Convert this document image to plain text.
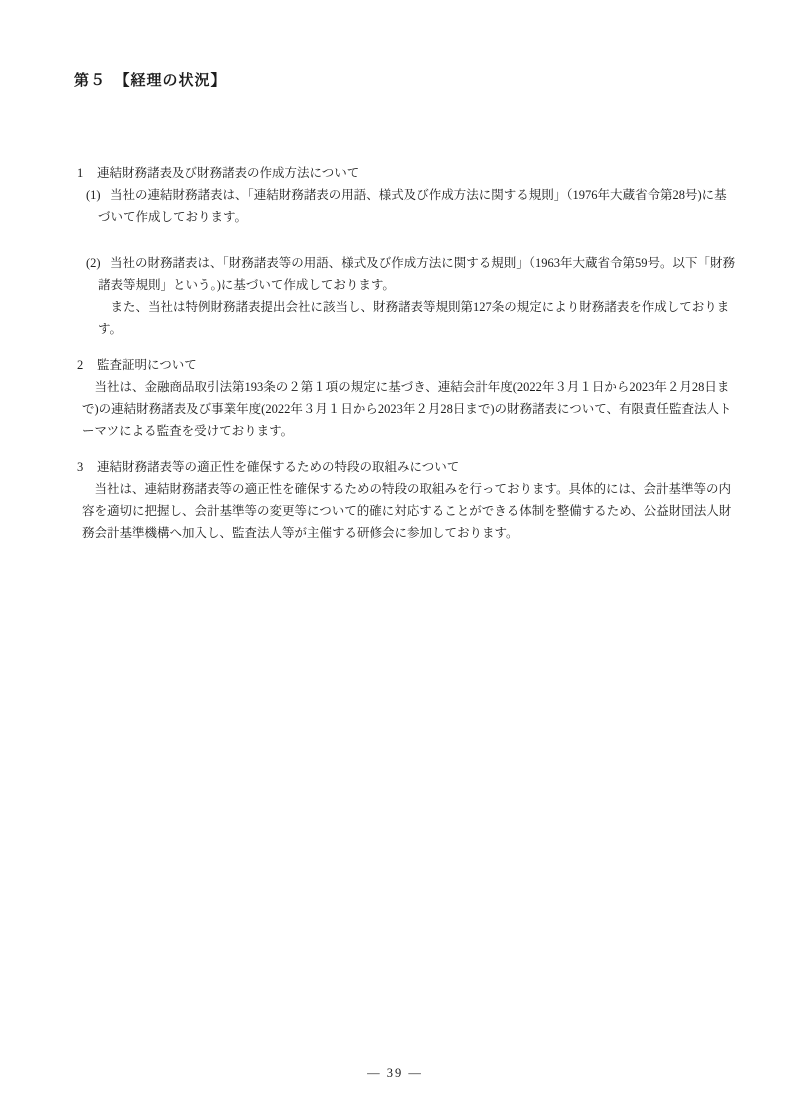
第５　【経理の状況】
1 連結財務諸表及び財務諸表の作成方法について
(1) 当社の連結財務諸表は、「連結財務諸表の用語、様式及び作成方法に関する規則」（1976年大蔵省令第28号)に基
づいて作成しております。
(2) 当社の財務諸表は、「財務諸表等の用語、様式及び作成方法に関する規則」（1963年大蔵省令第59号。以下「財務
諸表等規則」という。)に基づいて作成しております。
　また、当社は特例財務諸表提出会社に該当し、財務諸表等規則第127条の規定により財務諸表を作成しておりま
す。
2 監査証明について
　当社は、金融商品取引法第193条の２第１項の規定に基づき、連結会計年度(2022年３月１日から2023年２月28日ま
で)の連結財務諸表及び事業年度(2022年３月１日から2023年２月28日まで)の財務諸表について、有限責任監査法人ト
ーマツによる監査を受けております。
3 連結財務諸表等の適正性を確保するための特段の取組みについて
　当社は、連結財務諸表等の適正性を確保するための特段の取組みを行っております。具体的には、会計基準等の内
容を適切に把握し、会計基準等の変更等について的確に対応することができる体制を整備するため、公益財団法人財
務会計基準機構へ加入し、監査法人等が主催する研修会に参加しております。
― 39 ―
